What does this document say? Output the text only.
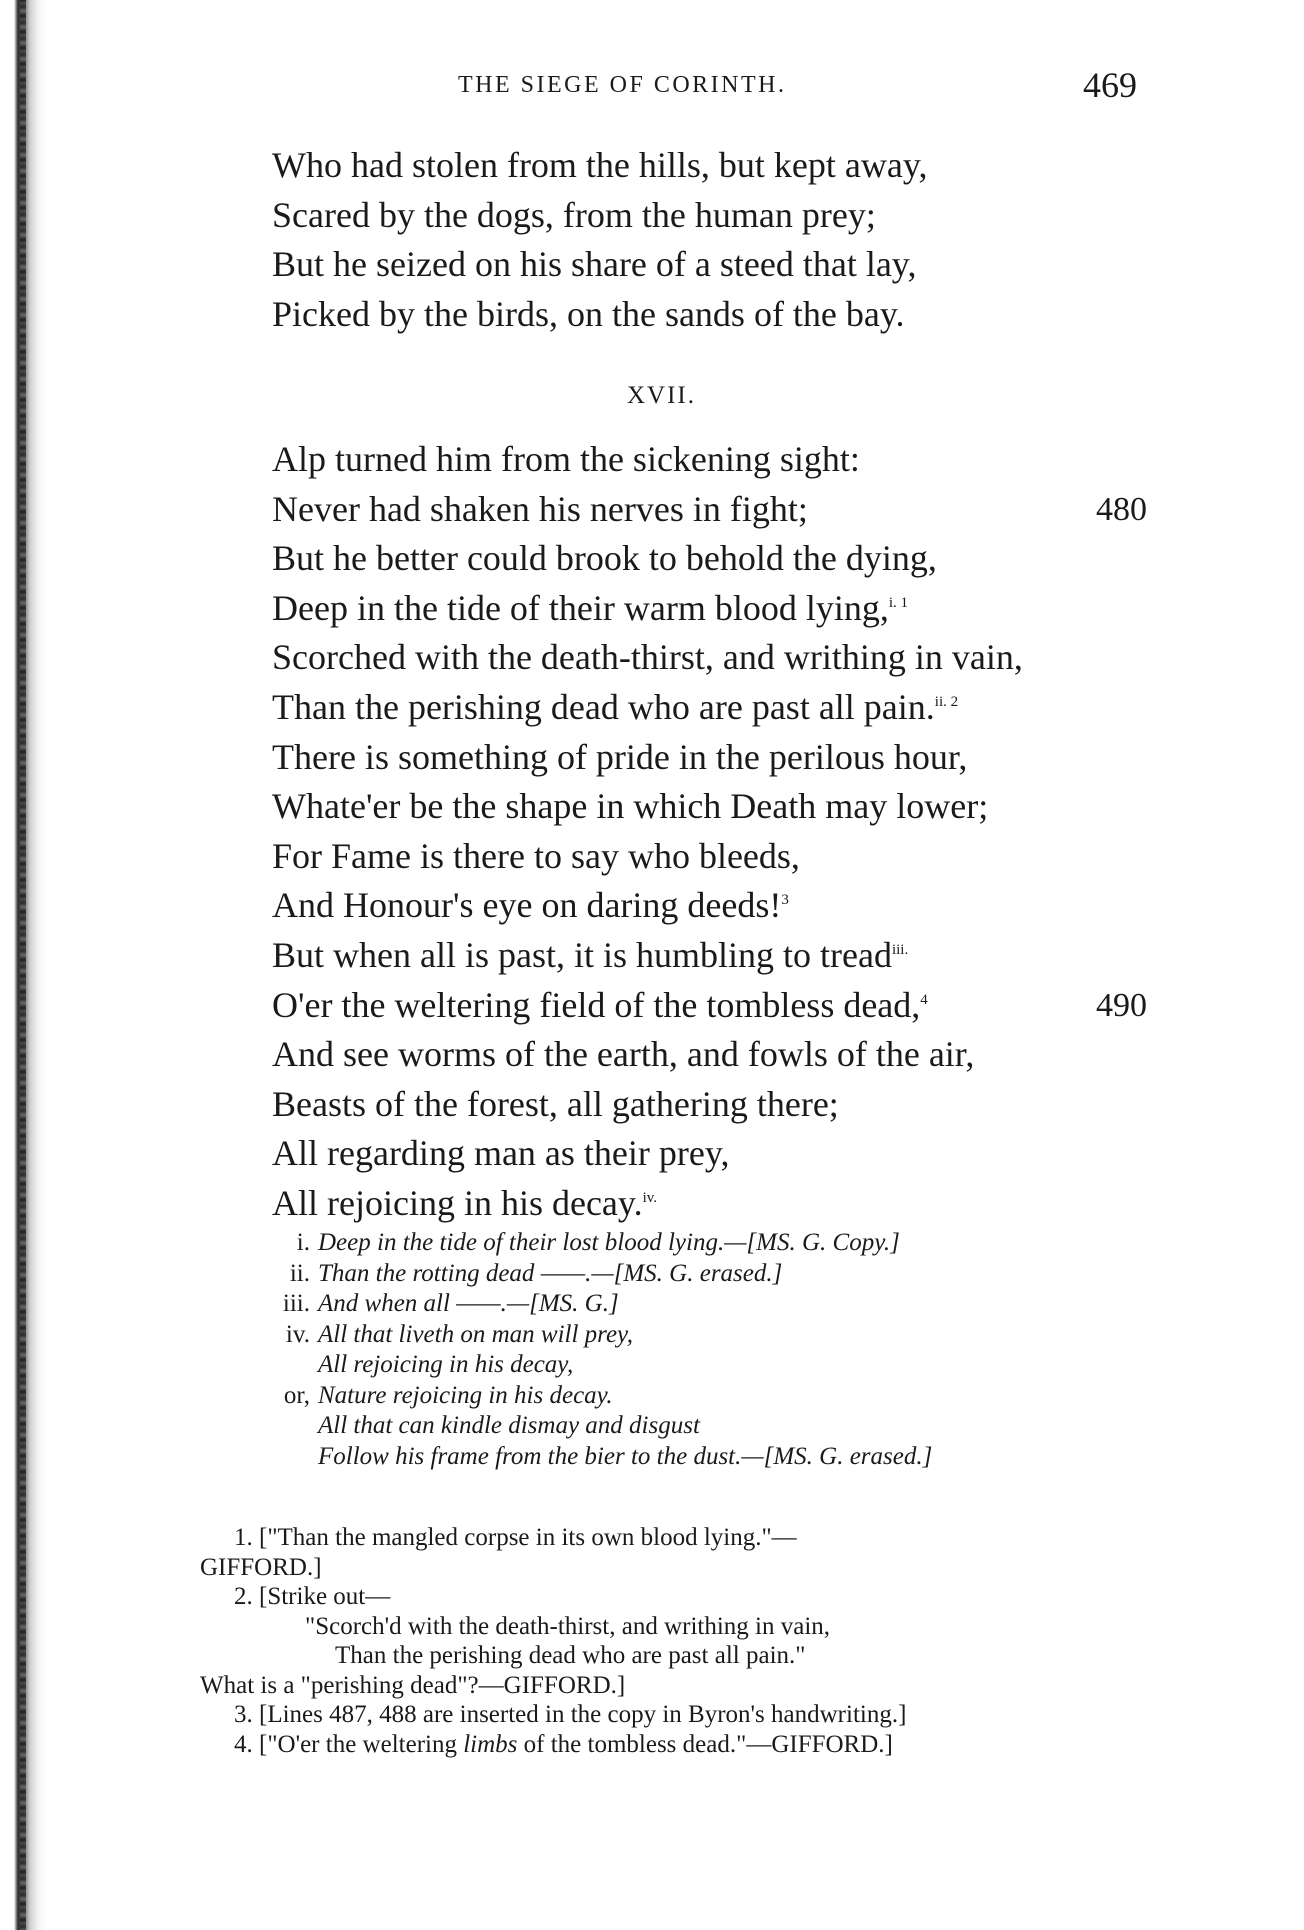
THE SIEGE OF CORINTH.	469
Who had stolen from the hills, but kept away,
Scared by the dogs, from the human prey;
But he seized on his share of a steed that lay,
Picked by the birds, on the sands of the bay.
XVII.
Alp turned him from the sickening sight:
Never had shaken his nerves in fight;	480
But he better could brook to behold the dying,
Deep in the tide of their warm blood lying,$^{i. 1}$
Scorched with the death-thirst, and writhing in vain,
Than the perishing dead who are past all pain.$^{ii. 2}$
There is something of pride in the perilous hour,
Whate'er be the shape in which Death may lower;
For Fame is there to say who bleeds,
And Honour's eye on daring deeds!$^3$
But when all is past, it is humbling to tread$^{iii.}$
O'er the weltering field of the tombless dead,$^4$	490
And see worms of the earth, and fowls of the air,
Beasts of the forest, all gathering there;
All regarding man as their prey,
All rejoicing in his decay.$^{iv.}$
i. Deep in the tide of their lost blood lying.—[MS. G. Copy.]
ii. Than the rotting dead ——.—[MS. G. erased.]
iii. And when all ——.—[MS. G.]
iv. All that liveth on man will prey,
All rejoicing in his decay,
or, Nature rejoicing in his decay.
All that can kindle dismay and disgust
Follow his frame from the bier to the dust.—[MS. G. erased.]
1. ["Than the mangled corpse in its own blood lying."—
GIFFORD.]
2. [Strike out—
"Scorch'd with the death-thirst, and writhing in vain,
Than the perishing dead who are past all pain."
What is a "perishing dead"?—GIFFORD.]
3. [Lines 487, 488 are inserted in the copy in Byron's handwriting.]
4. ["O'er the weltering limbs of the tombless dead."—GIFFORD.]
